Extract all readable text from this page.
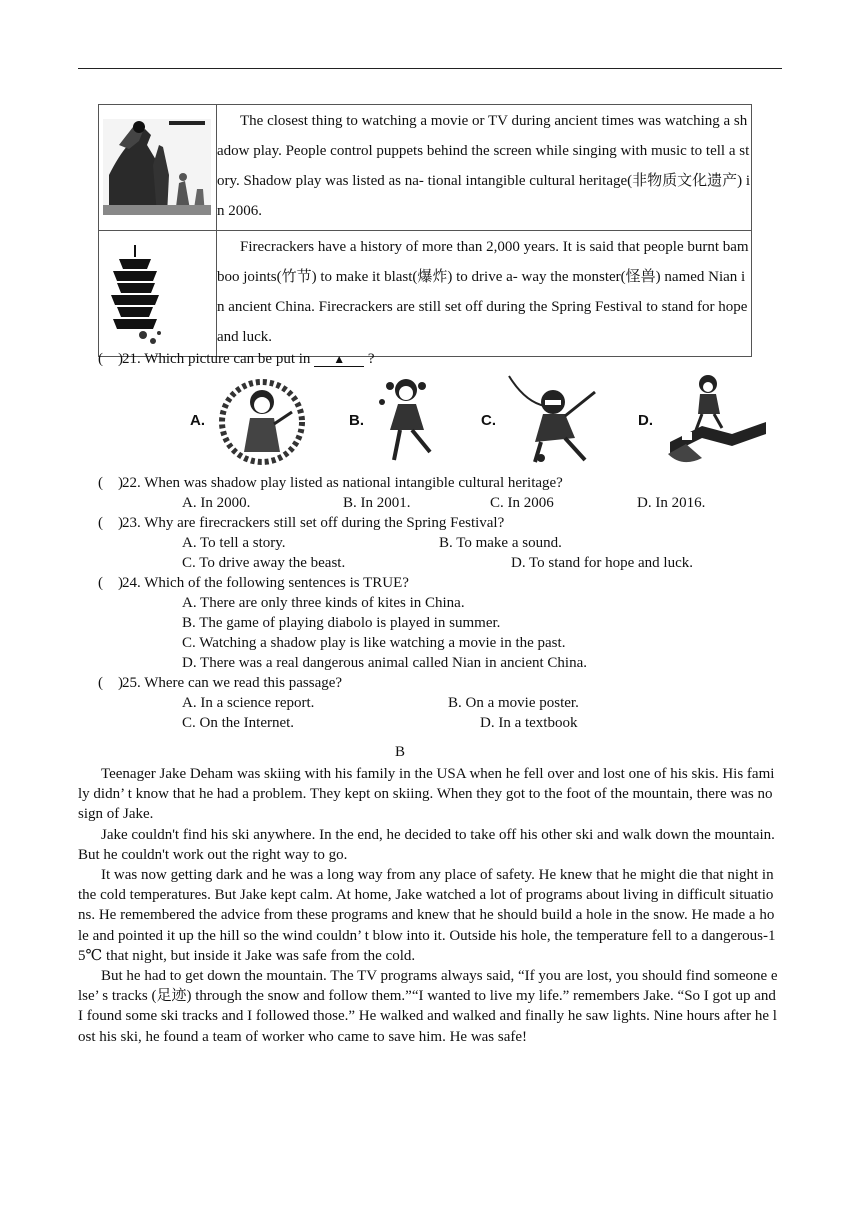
The closest thing to watching a movie or TV during ancient times was watching a shadow play. People control puppets behind the screen while singing with music to tell a story. Shadow play was listed as na- tional intangible cultural heritage(非物质文化遗产) in 2006.

Firecrackers have a history of more than 2,000 years. It is said that people burnt bamboo joints(竹节) to make it blast(爆炸) to drive a- way the monster(怪兽) named Nian in ancient China. Firecrackers are still set off during the Spring Festival to stand for hope and luck.

( )21. Which picture can be put in ▲ ?
A.	B.	C.	D.
( )22. When was shadow play listed as national intangible cultural heritage?
A. In 2000.	B. In 2001.	C. In 2006	D. In 2016.
( )23. Why are firecrackers still set off during the Spring Festival?
A. To tell a story.	B. To make a sound.
C. To drive away the beast.	D. To stand for hope and luck.
( )24. Which of the following sentences is TRUE?
A. There are only three kinds of kites in China.
B. The game of playing diabolo is played in summer.
C. Watching a shadow play is like watching a movie in the past.
D. There was a real dangerous animal called Nian in ancient China.
( )25. Where can we read this passage?
A. In a science report.	B. On a movie poster.
C. On the Internet.	D. In a textbook
B

Teenager Jake Deham was skiing with his family in the USA when he fell over and lost one of his skis. His family didn’ t know that he had a problem. They kept on skiing. When they got to the foot of the mountain, there was no sign of Jake.

Jake couldn't find his ski anywhere. In the end, he decided to take off his other ski and walk down the mountain. But he couldn't work out the right way to go.

It was now getting dark and he was a long way from any place of safety. He knew that he might die that night in the cold temperatures. But Jake kept calm. At home, Jake watched a lot of programs about living in difficult situations. He remembered the advice from these programs and knew that he should build a hole in the snow. He made a hole and pointed it up the hill so the wind couldn’ t blow into it. Outside his hole, the temperature fell to a dangerous-15℃ that night, but inside it Jake was safe from the cold.

But he had to get down the mountain. The TV programs always said, “If you are lost, you should find someone else’ s tracks (足迹) through the snow and follow them.”“I wanted to live my life.” remembers Jake. “So I got up and I found some ski tracks and I followed those.” He walked and walked and finally he saw lights. Nine hours after he lost his ski, he found a team of worker who came to save him. He was safe!
